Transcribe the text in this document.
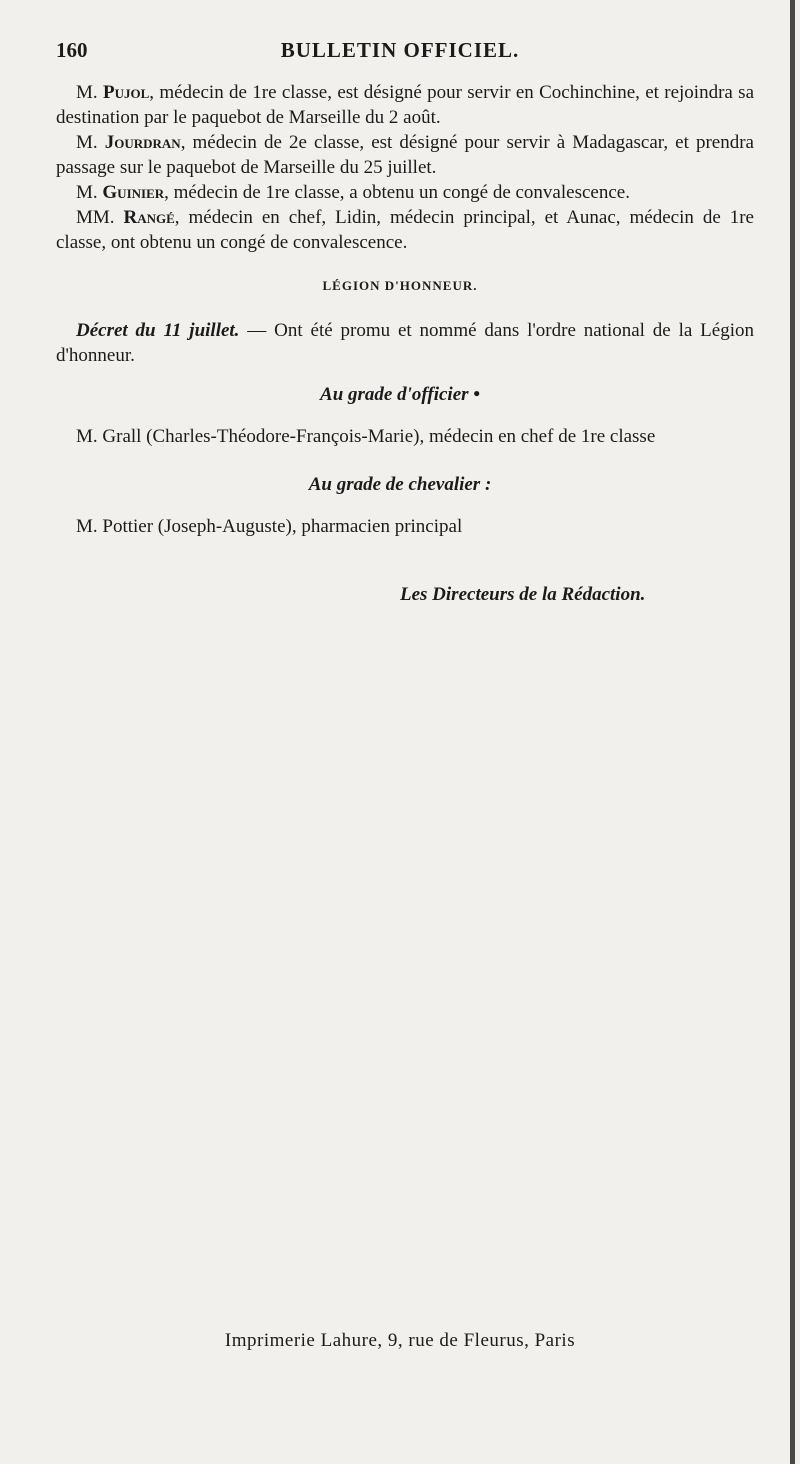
160	BULLETIN OFFICIEL.

M. Pujol, médecin de 1re classe, est désigné pour servir en Cochinchine, et rejoindra sa destination par le paquebot de Marseille du 2 août.

M. Jourdran, médecin de 2e classe, est désigné pour servir à Madagascar, et prendra passage sur le paquebot de Marseille du 25 juillet.

M. Guinier, médecin de 1re classe, a obtenu un congé de convalescence.

MM. Rangé, médecin en chef, Lidin, médecin principal, et Aunac, médecin de 1re classe, ont obtenu un congé de convalescence.

LÉGION D'HONNEUR.
Décret du 11 juillet. — Ont été promu et nommé dans l'ordre national de la Légion d'honneur.
Au grade d'officier •
M. Grall (Charles-Théodore-François-Marie), médecin en chef de 1re classe
Au grade de chevalier :
M. Pottier (Joseph-Auguste), pharmacien principal
Les Directeurs de la Rédaction.
Imprimerie Lahure, 9, rue de Fleurus, Paris
